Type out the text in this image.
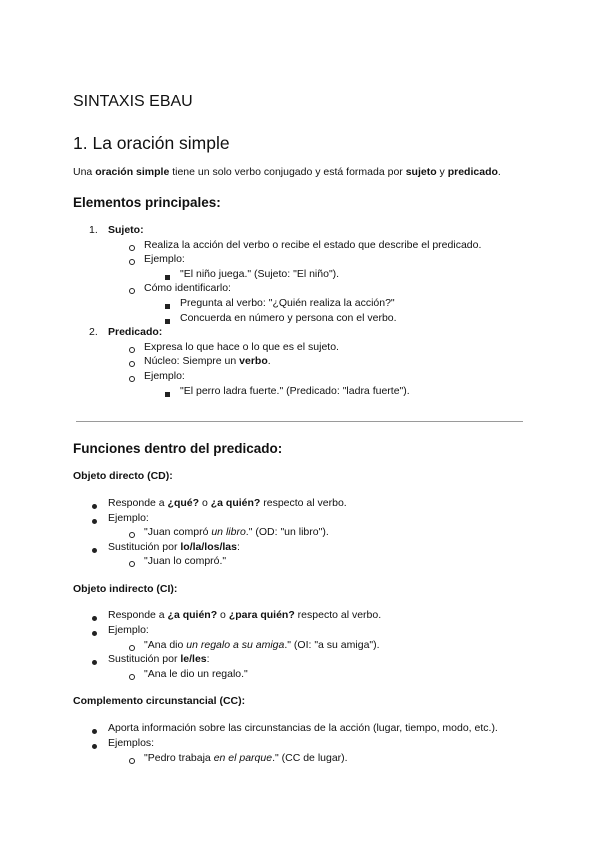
SINTAXIS EBAU
1. La oración simple
Una oración simple tiene un solo verbo conjugado y está formada por sujeto y predicado.
Elementos principales:
1. Sujeto:
Realiza la acción del verbo o recibe el estado que describe el predicado.
Ejemplo:
"El niño juega." (Sujeto: "El niño").
Cómo identificarlo:
Pregunta al verbo: "¿Quién realiza la acción?"
Concuerda en número y persona con el verbo.
2. Predicado:
Expresa lo que hace o lo que es el sujeto.
Núcleo: Siempre un verbo.
Ejemplo:
"El perro ladra fuerte." (Predicado: "ladra fuerte").
Funciones dentro del predicado:
Objeto directo (CD):
Responde a ¿qué? o ¿a quién? respecto al verbo.
Ejemplo:
"Juan compró un libro." (OD: "un libro").
Sustitución por lo/la/los/las:
"Juan lo compró."
Objeto indirecto (CI):
Responde a ¿a quién? o ¿para quién? respecto al verbo.
Ejemplo:
"Ana dio un regalo a su amiga." (OI: "a su amiga").
Sustitución por le/les:
"Ana le dio un regalo."
Complemento circunstancial (CC):
Aporta información sobre las circunstancias de la acción (lugar, tiempo, modo, etc.).
Ejemplos:
"Pedro trabaja en el parque." (CC de lugar).
